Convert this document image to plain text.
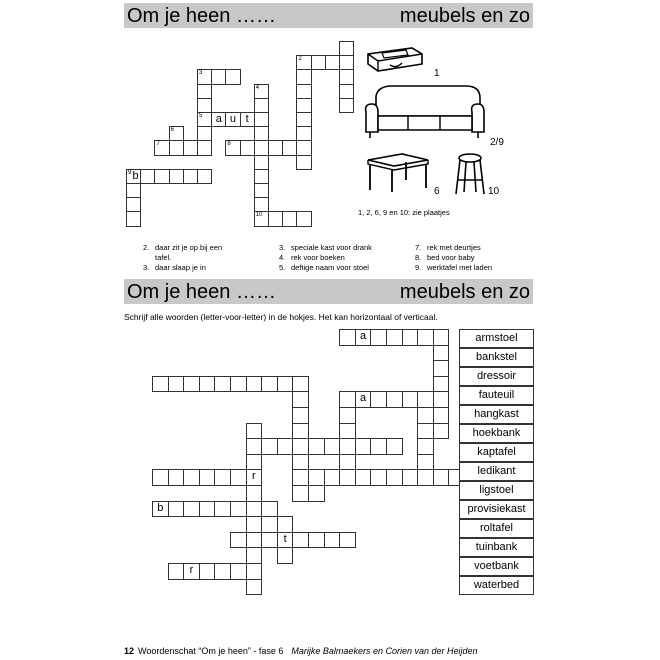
Om je heen ……	meubels en zo
2
3
5
4
a u t
6
7	8
10
9 b
1
2/9
6	10
1, 2, 6, 9 en 10: zie plaatjes
2. daar zit je op bij een
tafel.
3. daar slaap je in
3. speciale kast voor drank
4. rek voor boeken
5. deftige naam voor stoel
7. rek met deurtjes
8. bed voor baby
9. werktafel met laden
Om je heen ……	meubels en zo
Schrijf alle woorden (letter-voor-letter) in de hokjes. Het kan horizontaal of verticaal.
a
a
r
b
t
r
armstoel
bankstel
dressoir
fauteuil
hangkast
hoekbank
kaptafel
ledikant
ligstoel
provisiekast
roltafel
tuinbank
voetbank
waterbed
12 Woordenschat “Om je heen” - fase 6 Marijke Balmaekers en Corien van der Heijden
